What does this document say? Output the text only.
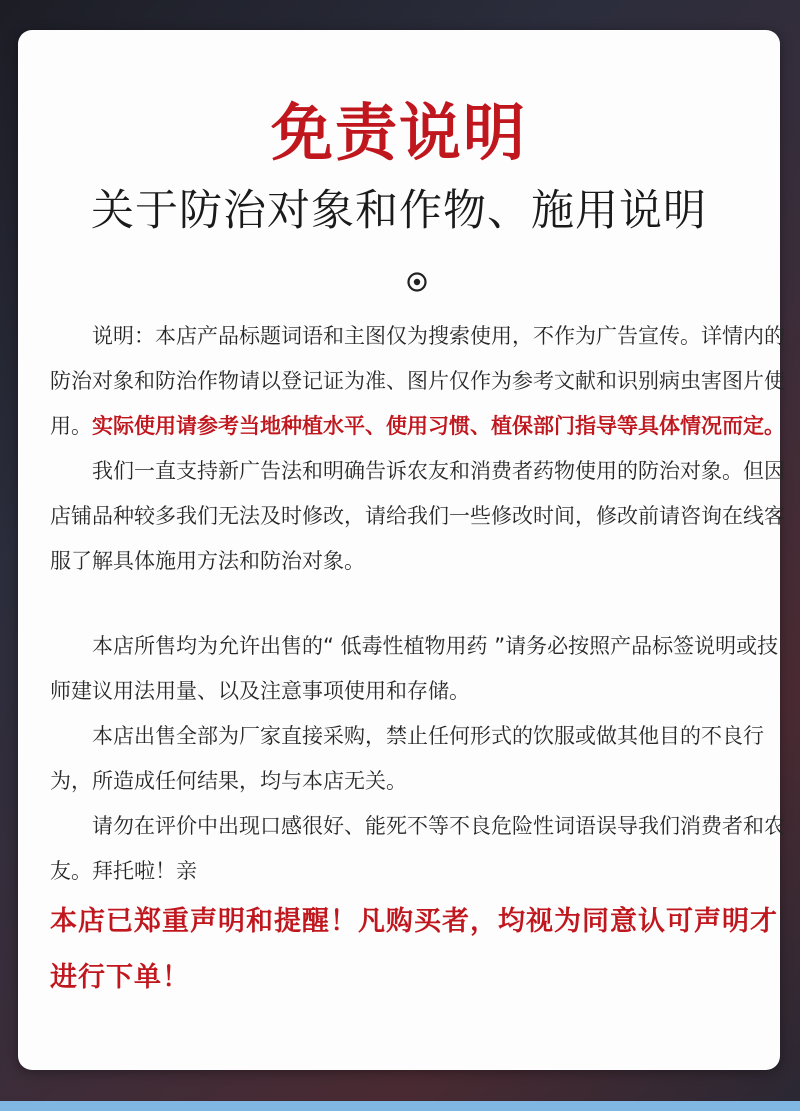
免责说明
关于防治对象和作物、施用说明

说明：本店产品标题词语和主图仅为搜索使用，不作为广告宣传。详情内的防治对象和防治作物请以登记证为准、图片仅作为参考文献和识别病虫害图片使用。实际使用请参考当地种植水平、使用习惯、植保部门指导等具体情况而定。

我们一直支持新广告法和明确告诉农友和消费者药物使用的防治对象。但因店铺品种较多我们无法及时修改，请给我们一些修改时间，修改前请咨询在线客服了解具体施用方法和防治对象。

本店所售均为允许出售的“ 低毒性植物用药 ”请务必按照产品标签说明或技师建议用法用量、以及注意事项使用和存储。

本店出售全部为厂家直接采购，禁止任何形式的饮服或做其他目的不良行为，所造成任何结果，均与本店无关。

请勿在评价中出现口感很好、能死不等不良危险性词语误导我们消费者和农友。拜托啦！亲

本店已郑重声明和提醒！凡购买者，均视为同意认可声明才进行下单！
